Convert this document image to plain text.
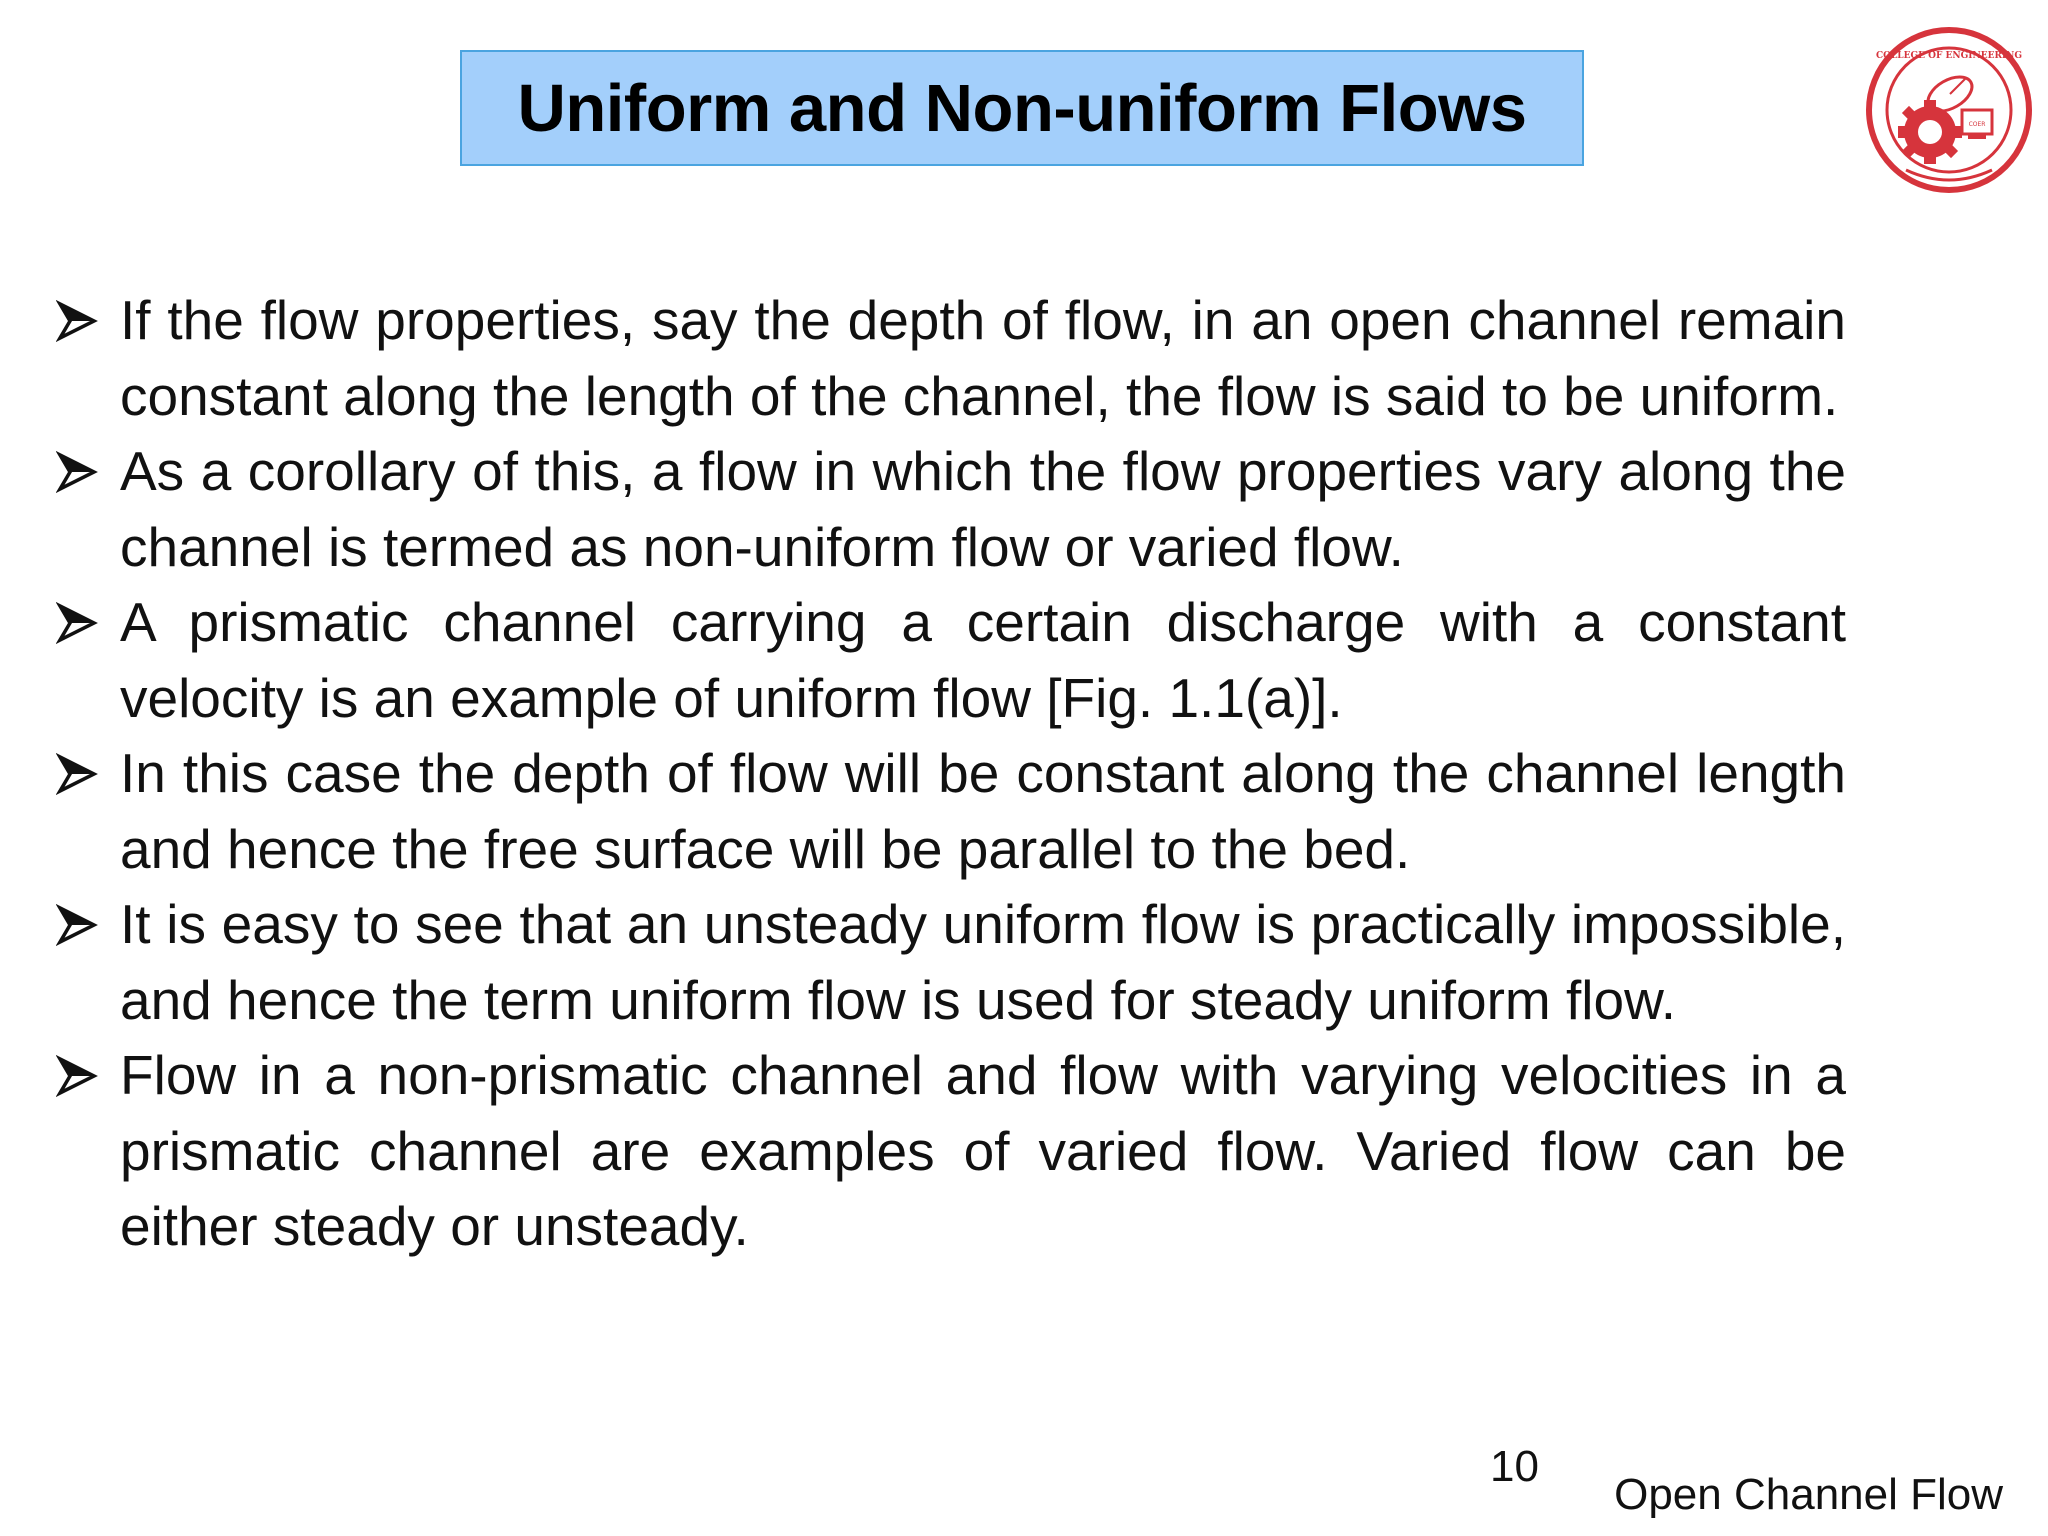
Uniform and Non-uniform Flows
COLLEGE OF ENGINEERING
COER
If the flow properties, say the depth of flow, in an open channel remain constant along the length of the channel, the flow is said to be uniform.
As a corollary of this, a flow in which the flow properties vary along the channel is termed as non-uniform flow or varied flow.
A prismatic channel carrying a certain discharge with a constant velocity is an example of uniform flow [Fig. 1.1(a)].
In this case the depth of flow will be constant along the channel length and hence the free surface will be parallel to the bed.
It is easy to see that an unsteady uniform flow is practically impossible, and hence the term uniform flow is used for steady uniform flow.
Flow in a non-prismatic channel and flow with varying velocities in a prismatic channel are examples of varied flow. Varied flow can be either steady or unsteady.
10
Open Channel Flow
